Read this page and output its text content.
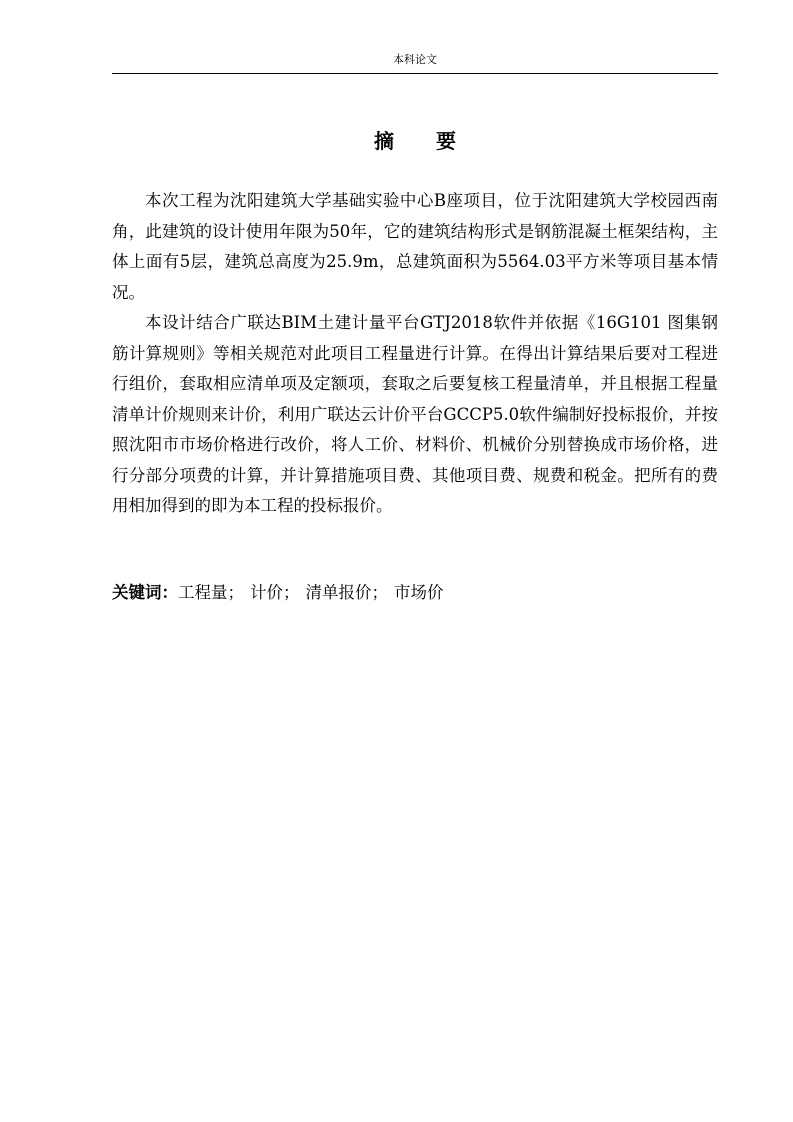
本科论文
摘 要

本次工程为沈阳建筑大学基础实验中心B座项目，位于沈阳建筑大学校园西南角，此建筑的设计使用年限为50年，它的建筑结构形式是钢筋混凝土框架结构，主体上面有5层，建筑总高度为25.9m，总建筑面积为5564.03平方米等项目基本情况。

本设计结合广联达BIM土建计量平台GTJ2018软件并依据《16G101 图集钢筋计算规则》等相关规范对此项目工程量进行计算。在得出计算结果后要对工程进行组价，套取相应清单项及定额项，套取之后要复核工程量清单，并且根据工程量清单计价规则来计价，利用广联达云计价平台GCCP5.0软件编制好投标报价，并按照沈阳市市场价格进行改价，将人工价、材料价、机械价分别替换成市场价格，进行分部分项费的计算，并计算措施项目费、其他项目费、规费和税金。把所有的费用相加得到的即为本工程的投标报价。

关键词：工程量； 计价； 清单报价； 市场价
